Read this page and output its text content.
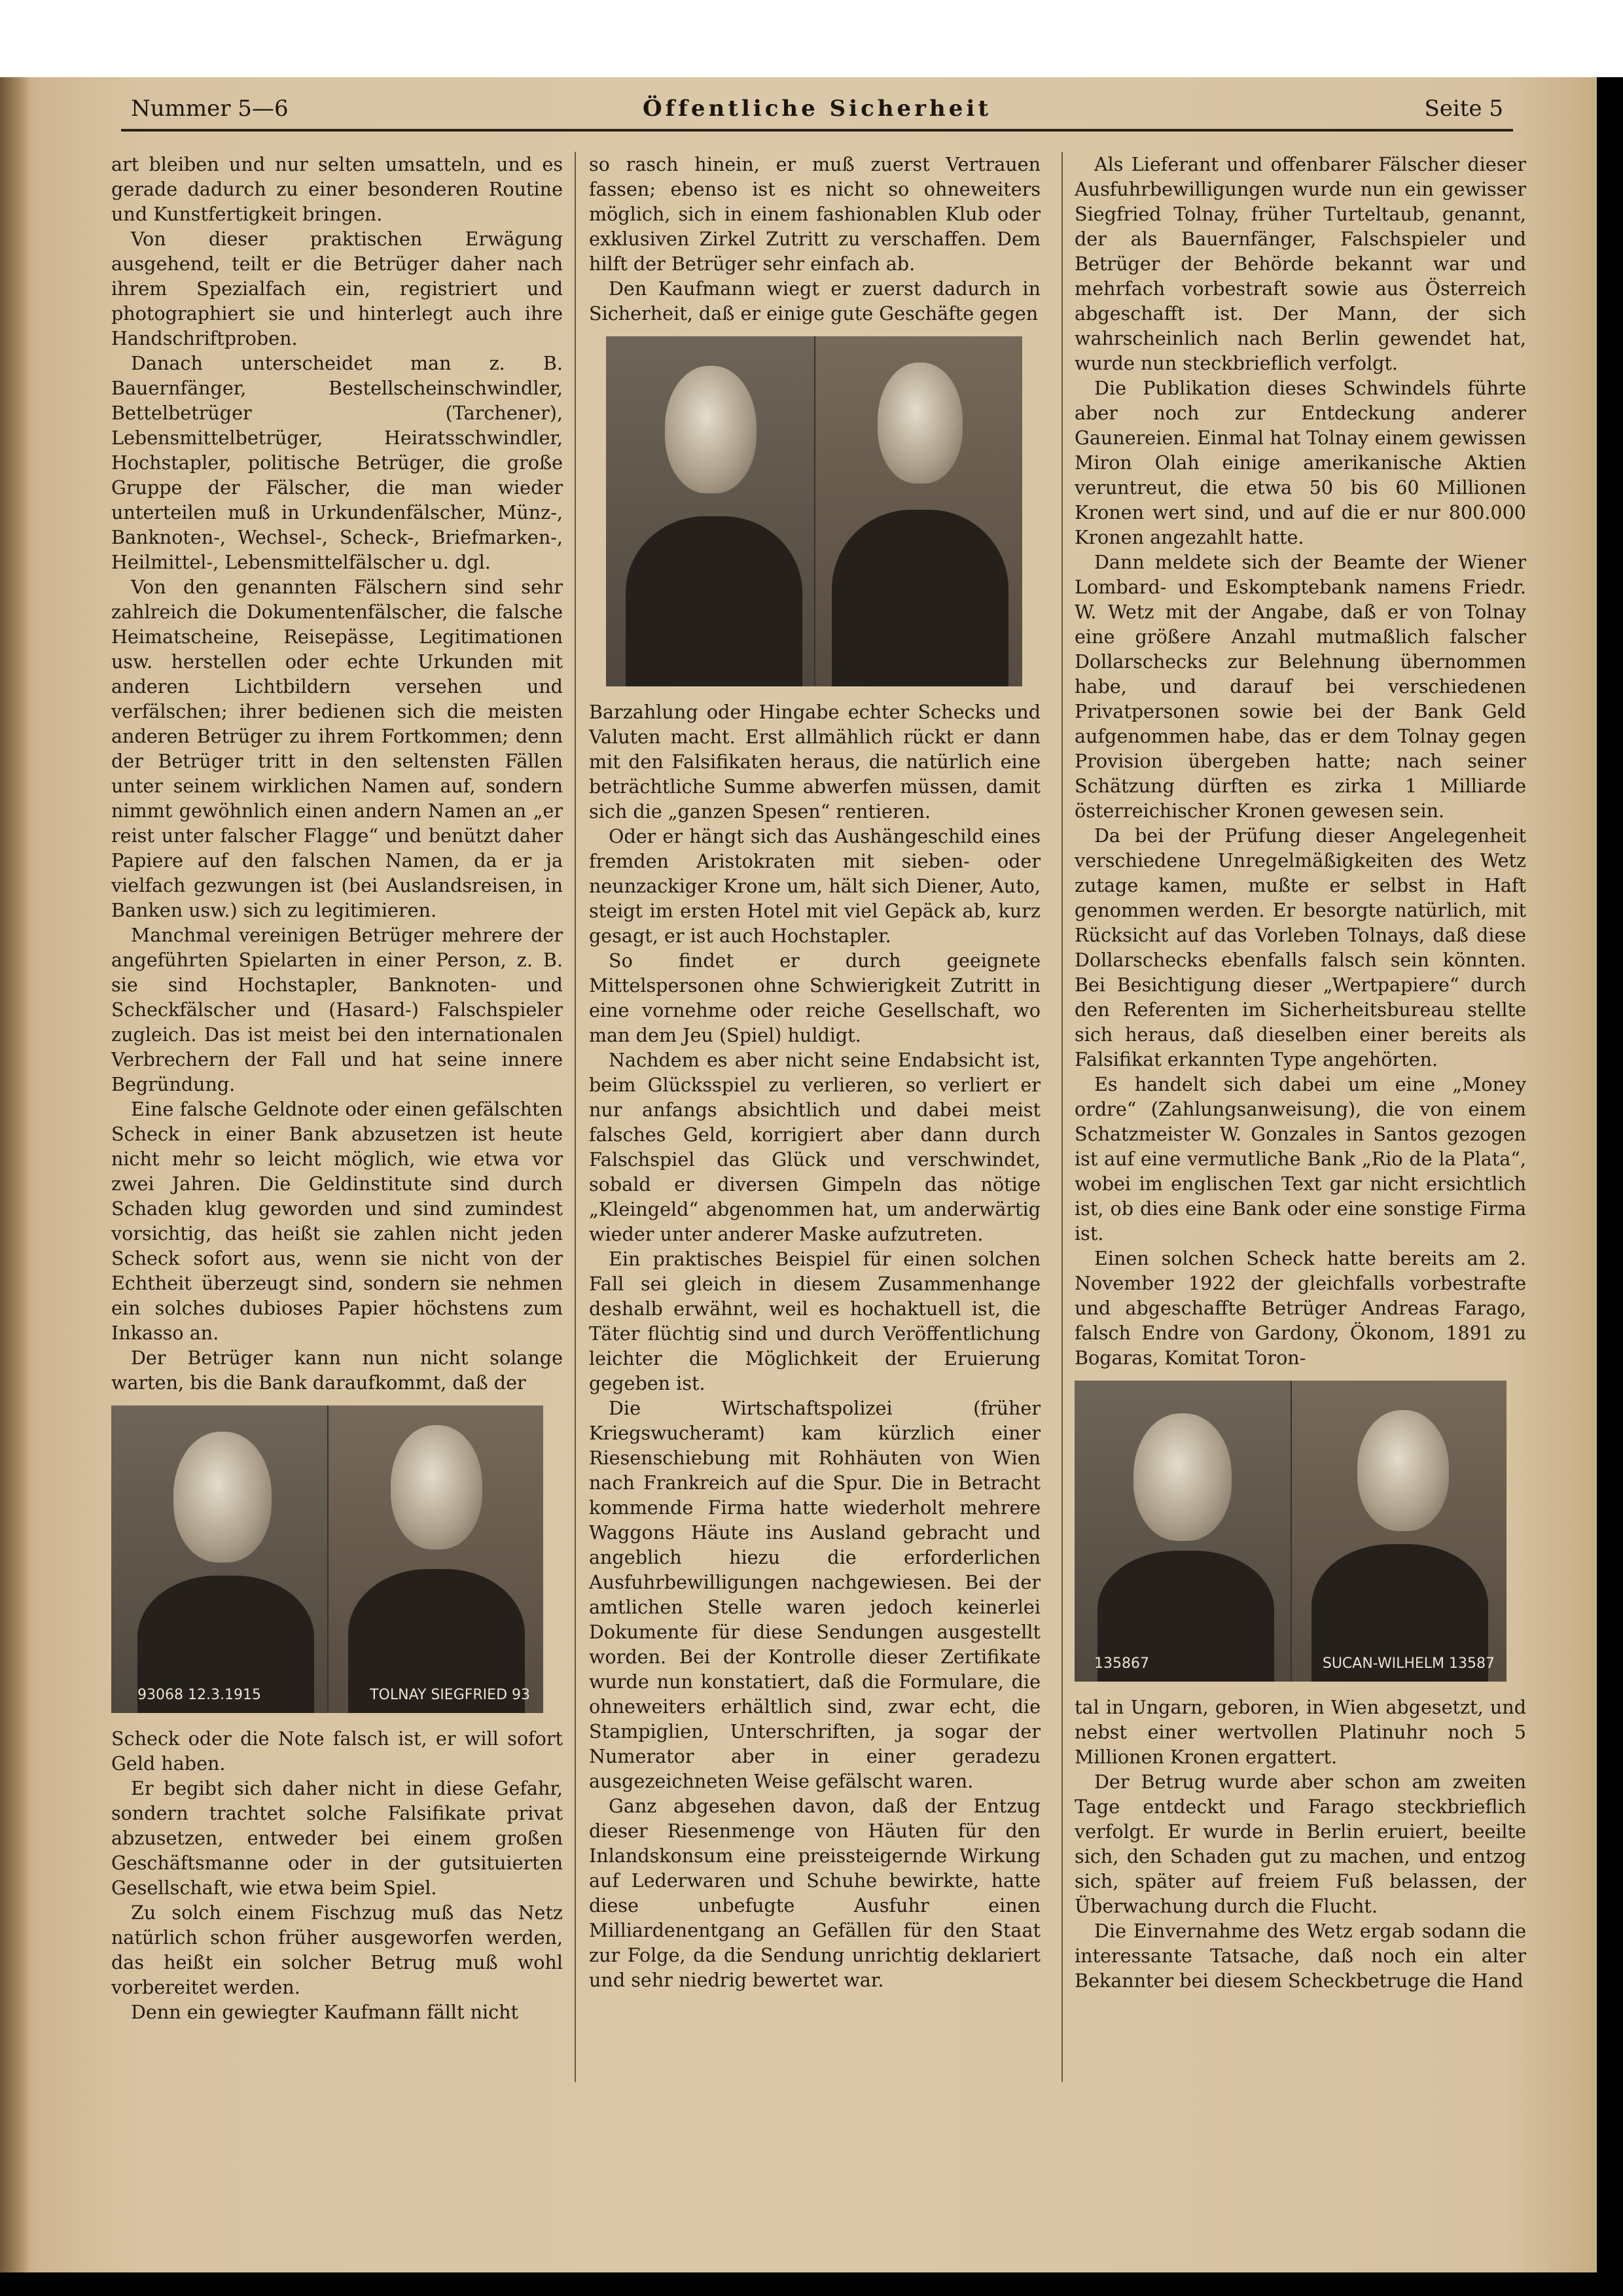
Nummer 5—6	Öffentliche Sicherheit	Seite 5

art bleiben und nur selten umsatteln, und es gerade dadurch zu einer besonderen Routine und Kunstfertigkeit bringen.

Von dieser praktischen Erwägung ausgehend, teilt er die Betrüger daher nach ihrem Spezialfach ein, registriert und photographiert sie und hinterlegt auch ihre Handschriftproben.

Danach unterscheidet man z. B. Bauernfänger, Bestellscheinschwindler, Bettelbetrüger (Tarchener), Lebensmittelbetrüger, Heiratsschwindler, Hochstapler, politische Betrüger, die große Gruppe der Fälscher, die man wieder unterteilen muß in Urkundenfälscher, Münz-, Banknoten-, Wechsel-, Scheck-, Briefmarken-, Heilmittel-, Lebensmittelfälscher u. dgl.

Von den genannten Fälschern sind sehr zahlreich die Dokumentenfälscher, die falsche Heimatscheine, Reisepässe, Legitimationen usw. herstellen oder echte Urkunden mit anderen Lichtbildern versehen und verfälschen; ihrer bedienen sich die meisten anderen Betrüger zu ihrem Fortkommen; denn der Betrüger tritt in den seltensten Fällen unter seinem wirklichen Namen auf, sondern nimmt gewöhnlich einen andern Namen an „er reist unter falscher Flagge“ und benützt daher Papiere auf den falschen Namen, da er ja vielfach gezwungen ist (bei Auslandsreisen, in Banken usw.) sich zu legitimieren.

Manchmal vereinigen Betrüger mehrere der angeführten Spielarten in einer Person, z. B. sie sind Hochstapler, Banknoten- und Scheckfälscher und (Hasard-) Falschspieler zugleich. Das ist meist bei den internationalen Verbrechern der Fall und hat seine innere Begründung.

Eine falsche Geldnote oder einen gefälschten Scheck in einer Bank abzusetzen ist heute nicht mehr so leicht möglich, wie etwa vor zwei Jahren. Die Geldinstitute sind durch Schaden klug geworden und sind zumindest vorsichtig, das heißt sie zahlen nicht jeden Scheck sofort aus, wenn sie nicht von der Echtheit überzeugt sind, sondern sie nehmen ein solches dubioses Papier höchstens zum Inkasso an.

Der Betrüger kann nun nicht solange warten, bis die Bank daraufkommt, daß der

93068 12.3.1915	TOLNAY SIEGFRIED 93

Scheck oder die Note falsch ist, er will sofort Geld haben.

Er begibt sich daher nicht in diese Gefahr, sondern trachtet solche Falsifikate privat abzusetzen, entweder bei einem großen Geschäftsmanne oder in der gutsituierten Gesellschaft, wie etwa beim Spiel.

Zu solch einem Fischzug muß das Netz natürlich schon früher ausgeworfen werden, das heißt ein solcher Betrug muß wohl vorbereitet werden.

Denn ein gewiegter Kaufmann fällt nicht

so rasch hinein, er muß zuerst Vertrauen fassen; ebenso ist es nicht so ohneweiters möglich, sich in einem fashionablen Klub oder exklusiven Zirkel Zutritt zu verschaffen. Dem hilft der Betrüger sehr einfach ab.

Den Kaufmann wiegt er zuerst dadurch in Sicherheit, daß er einige gute Geschäfte gegen

Barzahlung oder Hingabe echter Schecks und Valuten macht. Erst allmählich rückt er dann mit den Falsifikaten heraus, die natürlich eine beträchtliche Summe abwerfen müssen, damit sich die „ganzen Spesen“ rentieren.

Oder er hängt sich das Aushängeschild eines fremden Aristokraten mit sieben- oder neunzackiger Krone um, hält sich Diener, Auto, steigt im ersten Hotel mit viel Gepäck ab, kurz gesagt, er ist auch Hochstapler.

So findet er durch geeignete Mittelspersonen ohne Schwierigkeit Zutritt in eine vornehme oder reiche Gesellschaft, wo man dem Jeu (Spiel) huldigt.

Nachdem es aber nicht seine Endabsicht ist, beim Glücksspiel zu verlieren, so verliert er nur anfangs absichtlich und dabei meist falsches Geld, korrigiert aber dann durch Falschspiel das Glück und verschwindet, sobald er diversen Gimpeln das nötige „Kleingeld“ abgenommen hat, um anderwärtig wieder unter anderer Maske aufzutreten.

Ein praktisches Beispiel für einen solchen Fall sei gleich in diesem Zusammenhange deshalb erwähnt, weil es hochaktuell ist, die Täter flüchtig sind und durch Veröffentlichung leichter die Möglichkeit der Eruierung gegeben ist.

Die Wirtschaftspolizei (früher Kriegswucheramt) kam kürzlich einer Riesenschiebung mit Rohhäuten von Wien nach Frankreich auf die Spur. Die in Betracht kommende Firma hatte wiederholt mehrere Waggons Häute ins Ausland gebracht und angeblich hiezu die erforderlichen Ausfuhrbewilligungen nachgewiesen. Bei der amtlichen Stelle waren jedoch keinerlei Dokumente für diese Sendungen ausgestellt worden. Bei der Kontrolle dieser Zertifikate wurde nun konstatiert, daß die Formulare, die ohneweiters erhältlich sind, zwar echt, die Stampiglien, Unterschriften, ja sogar der Numerator aber in einer geradezu ausgezeichneten Weise gefälscht waren.

Ganz abgesehen davon, daß der Entzug dieser Riesenmenge von Häuten für den Inlandskonsum eine preissteigernde Wirkung auf Lederwaren und Schuhe bewirkte, hatte diese unbefugte Ausfuhr einen Milliardenentgang an Gefällen für den Staat zur Folge, da die Sendung unrichtig deklariert und sehr niedrig bewertet war.

Als Lieferant und offenbarer Fälscher dieser Ausfuhrbewilligungen wurde nun ein gewisser Siegfried Tolnay, früher Turteltaub, genannt, der als Bauernfänger, Falschspieler und Betrüger der Behörde bekannt war und mehrfach vorbestraft sowie aus Österreich abgeschafft ist. Der Mann, der sich wahrscheinlich nach Berlin gewendet hat, wurde nun steckbrieflich verfolgt.

Die Publikation dieses Schwindels führte aber noch zur Entdeckung anderer Gaunereien. Einmal hat Tolnay einem gewissen Miron Olah einige amerikanische Aktien veruntreut, die etwa 50 bis 60 Millionen Kronen wert sind, und auf die er nur 800.000 Kronen angezahlt hatte.

Dann meldete sich der Beamte der Wiener Lombard- und Eskomptebank namens Friedr. W. Wetz mit der Angabe, daß er von Tolnay eine größere Anzahl mutmaßlich falscher Dollarschecks zur Belehnung übernommen habe, und darauf bei verschiedenen Privatpersonen sowie bei der Bank Geld aufgenommen habe, das er dem Tolnay gegen Provision übergeben hatte; nach seiner Schätzung dürften es zirka 1 Milliarde österreichischer Kronen gewesen sein.

Da bei der Prüfung dieser Angelegenheit verschiedene Unregelmäßigkeiten des Wetz zutage kamen, mußte er selbst in Haft genommen werden. Er besorgte natürlich, mit Rücksicht auf das Vorleben Tolnays, daß diese Dollarschecks ebenfalls falsch sein könnten. Bei Besichtigung dieser „Wertpapiere“ durch den Referenten im Sicherheitsbureau stellte sich heraus, daß dieselben einer bereits als Falsifikat erkannten Type angehörten.

Es handelt sich dabei um eine „Money ordre“ (Zahlungsanweisung), die von einem Schatzmeister W. Gonzales in Santos gezogen ist auf eine vermutliche Bank „Rio de la Plata“, wobei im englischen Text gar nicht ersichtlich ist, ob dies eine Bank oder eine sonstige Firma ist.

Einen solchen Scheck hatte bereits am 2. November 1922 der gleichfalls vorbestrafte und abgeschaffte Betrüger Andreas Farago, falsch Endre von Gardony, Ökonom, 1891 zu Bogaras, Komitat Toron-

135867	SUCAN-WILHELM 13587

tal in Ungarn, geboren, in Wien abgesetzt, und nebst einer wertvollen Platinuhr noch 5 Millionen Kronen ergattert.

Der Betrug wurde aber schon am zweiten Tage entdeckt und Farago steckbrieflich verfolgt. Er wurde in Berlin eruiert, beeilte sich, den Schaden gut zu machen, und entzog sich, später auf freiem Fuß belassen, der Überwachung durch die Flucht.

Die Einvernahme des Wetz ergab sodann die interessante Tatsache, daß noch ein alter Bekannter bei diesem Scheckbetruge die Hand
